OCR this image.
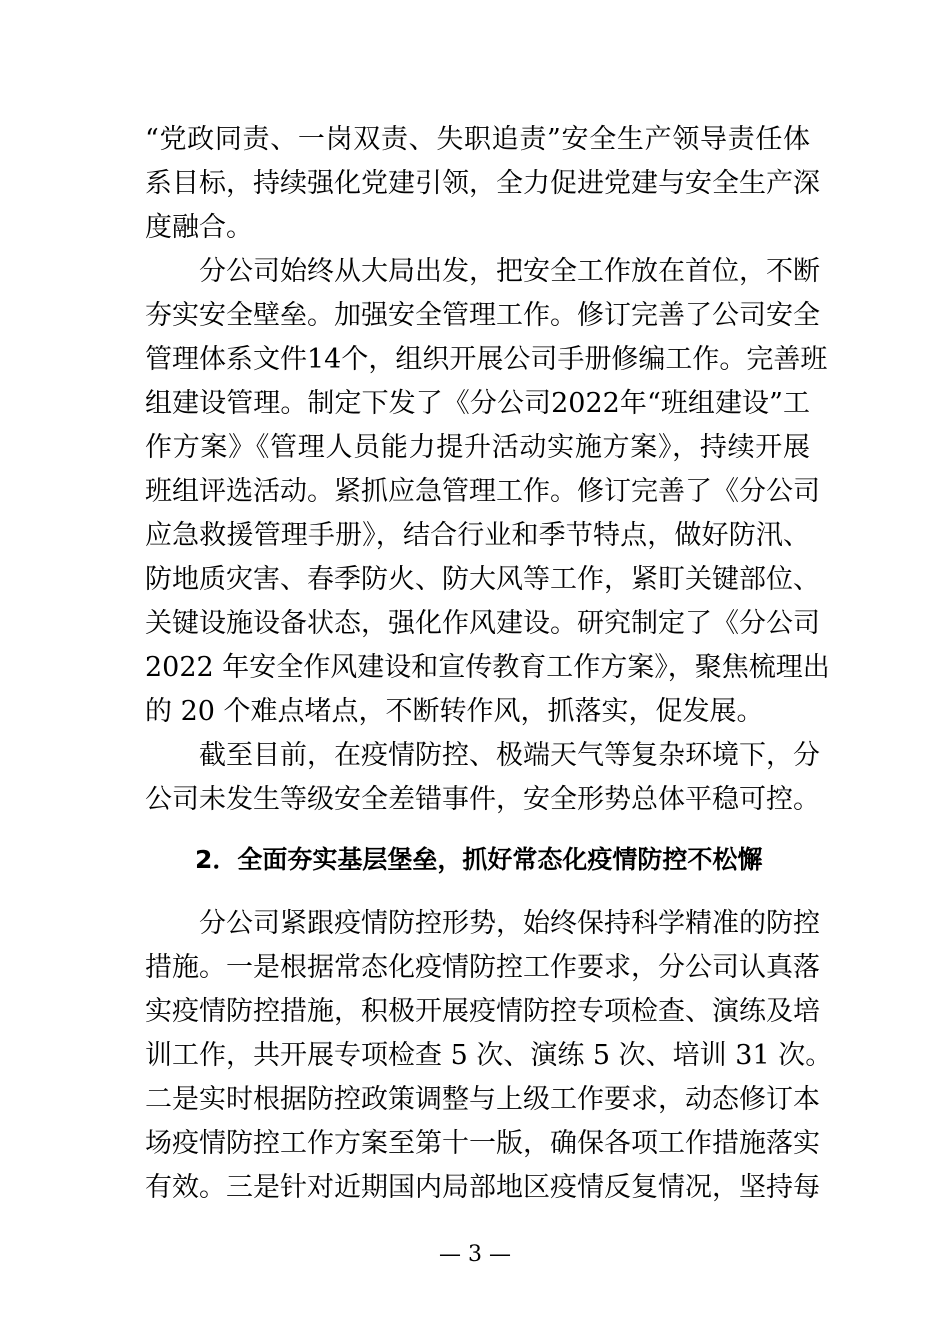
“党政同责、一岗双责、失职追责”安全生产领导责任体
系目标，持续强化党建引领，全力促进党建与安全生产深
度融合。
分公司始终从大局出发，把安全工作放在首位，不断
夯实安全壁垒。加强安全管理工作。修订完善了公司安全
管理体系文件14个，组织开展公司手册修编工作。完善班
组建设管理。制定下发了《分公司2022年“班组建设”工
作方案》《管理人员能力提升活动实施方案》，持续开展
班组评选活动。紧抓应急管理工作。修订完善了《分公司
应急救援管理手册》，结合行业和季节特点，做好防汛、
防地质灾害、春季防火、防大风等工作，紧盯关键部位、
关键设施设备状态，强化作风建设。研究制定了《分公司
2022 年安全作风建设和宣传教育工作方案》，聚焦梳理出
的 20 个难点堵点，不断转作风，抓落实，促发展。
截至目前，在疫情防控、极端天气等复杂环境下，分
公司未发生等级安全差错事件，安全形势总体平稳可控。
2．全面夯实基层堡垒，抓好常态化疫情防控不松懈
分公司紧跟疫情防控形势，始终保持科学精准的防控
措施。一是根据常态化疫情防控工作要求，分公司认真落
实疫情防控措施，积极开展疫情防控专项检查、演练及培
训工作，共开展专项检查 5 次、演练 5 次、培训 31 次。
二是实时根据防控政策调整与上级工作要求，动态修订本
场疫情防控工作方案至第十一版，确保各项工作措施落实
有效。三是针对近期国内局部地区疫情反复情况，坚持每
— 3 —
